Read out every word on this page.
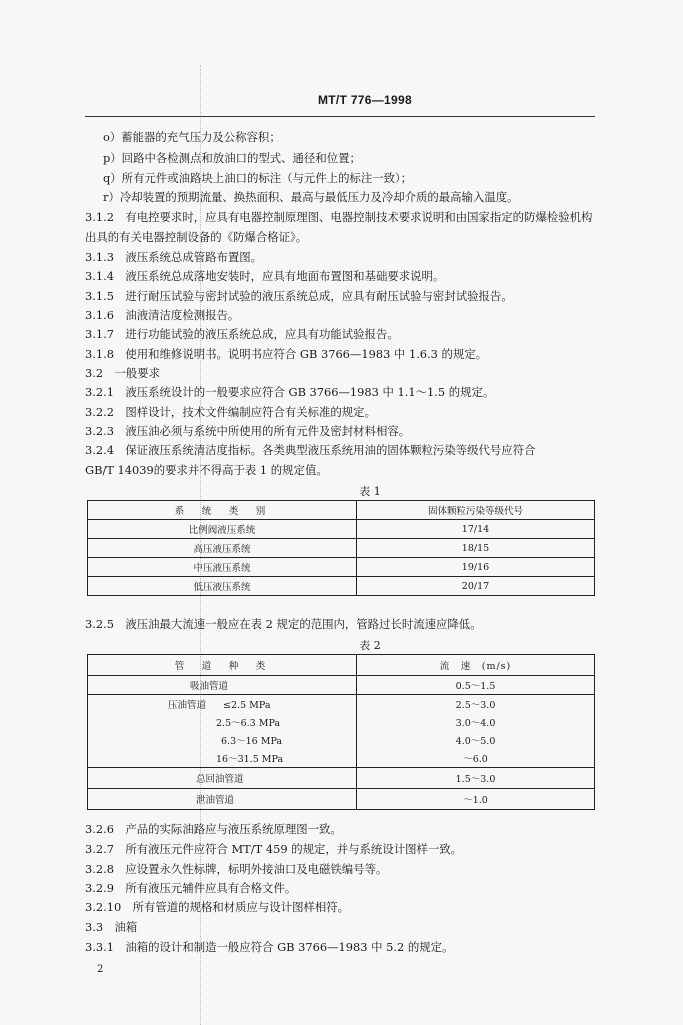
MT/T 776—1998
o）蓄能器的充气压力及公称容积；
p）回路中各检测点和放油口的型式、通径和位置；
q）所有元件或油路块上油口的标注（与元件上的标注一致）；
r）冷却装置的预期流量、换热面积、最高与最低压力及冷却介质的最高输入温度。
3.1.2　有电控要求时，应具有电器控制原理图、电器控制技术要求说明和由国家指定的防爆检验机构
出具的有关电器控制设备的《防爆合格证》。
3.1.3　液压系统总成管路布置图。
3.1.4　液压系统总成落地安装时，应具有地面布置图和基础要求说明。
3.1.5　进行耐压试验与密封试验的液压系统总成，应具有耐压试验与密封试验报告。
3.1.6　油液清洁度检测报告。
3.1.7　进行功能试验的液压系统总成，应具有功能试验报告。
3.1.8　使用和维修说明书。说明书应符合 GB 3766—1983 中 1.6.3 的规定。
3.2　一般要求
3.2.1　液压系统设计的一般要求应符合 GB 3766—1983 中 1.1～1.5 的规定。
3.2.2　图样设计，技术文件编制应符合有关标准的规定。
3.2.3　液压油必须与系统中所使用的所有元件及密封材料相容。
3.2.4　保证液压系统清洁度指标。各类典型液压系统用油的固体颗粒污染等级代号应符合
GB/T 14039的要求并不得高于表 1 的规定值。
表 1
系　统　类　别	固体颗粒污染等级代号
比例阀液压系统	17/14
高压液压系统	18/15
中压液压系统	19/16
低压液压系统	20/17
3.2.5　液压油最大流速一般应在表 2 规定的范围内，管路过长时流速应降低。
表 2
管　道　种　类	流　速　(m/s)
吸油管道	0.5～1.5
压油管道 ≤2.5 MPa	2.5～3.0
2.5～6.3 MPa	3.0～4.0
6.3～16 MPa	4.0～5.0
16～31.5 MPa	～6.0
总回油管道	1.5～3.0
泄油管道	～1.0
3.2.6　产品的实际油路应与液压系统原理图一致。
3.2.7　所有液压元件应符合 MT/T 459 的规定，并与系统设计图样一致。
3.2.8　应设置永久性标牌，标明外接油口及电磁铁编号等。
3.2.9　所有液压元辅件应具有合格文件。
3.2.10　所有管道的规格和材质应与设计图样相符。
3.3　油箱
3.3.1　油箱的设计和制造一般应符合 GB 3766—1983 中 5.2 的规定。
2
